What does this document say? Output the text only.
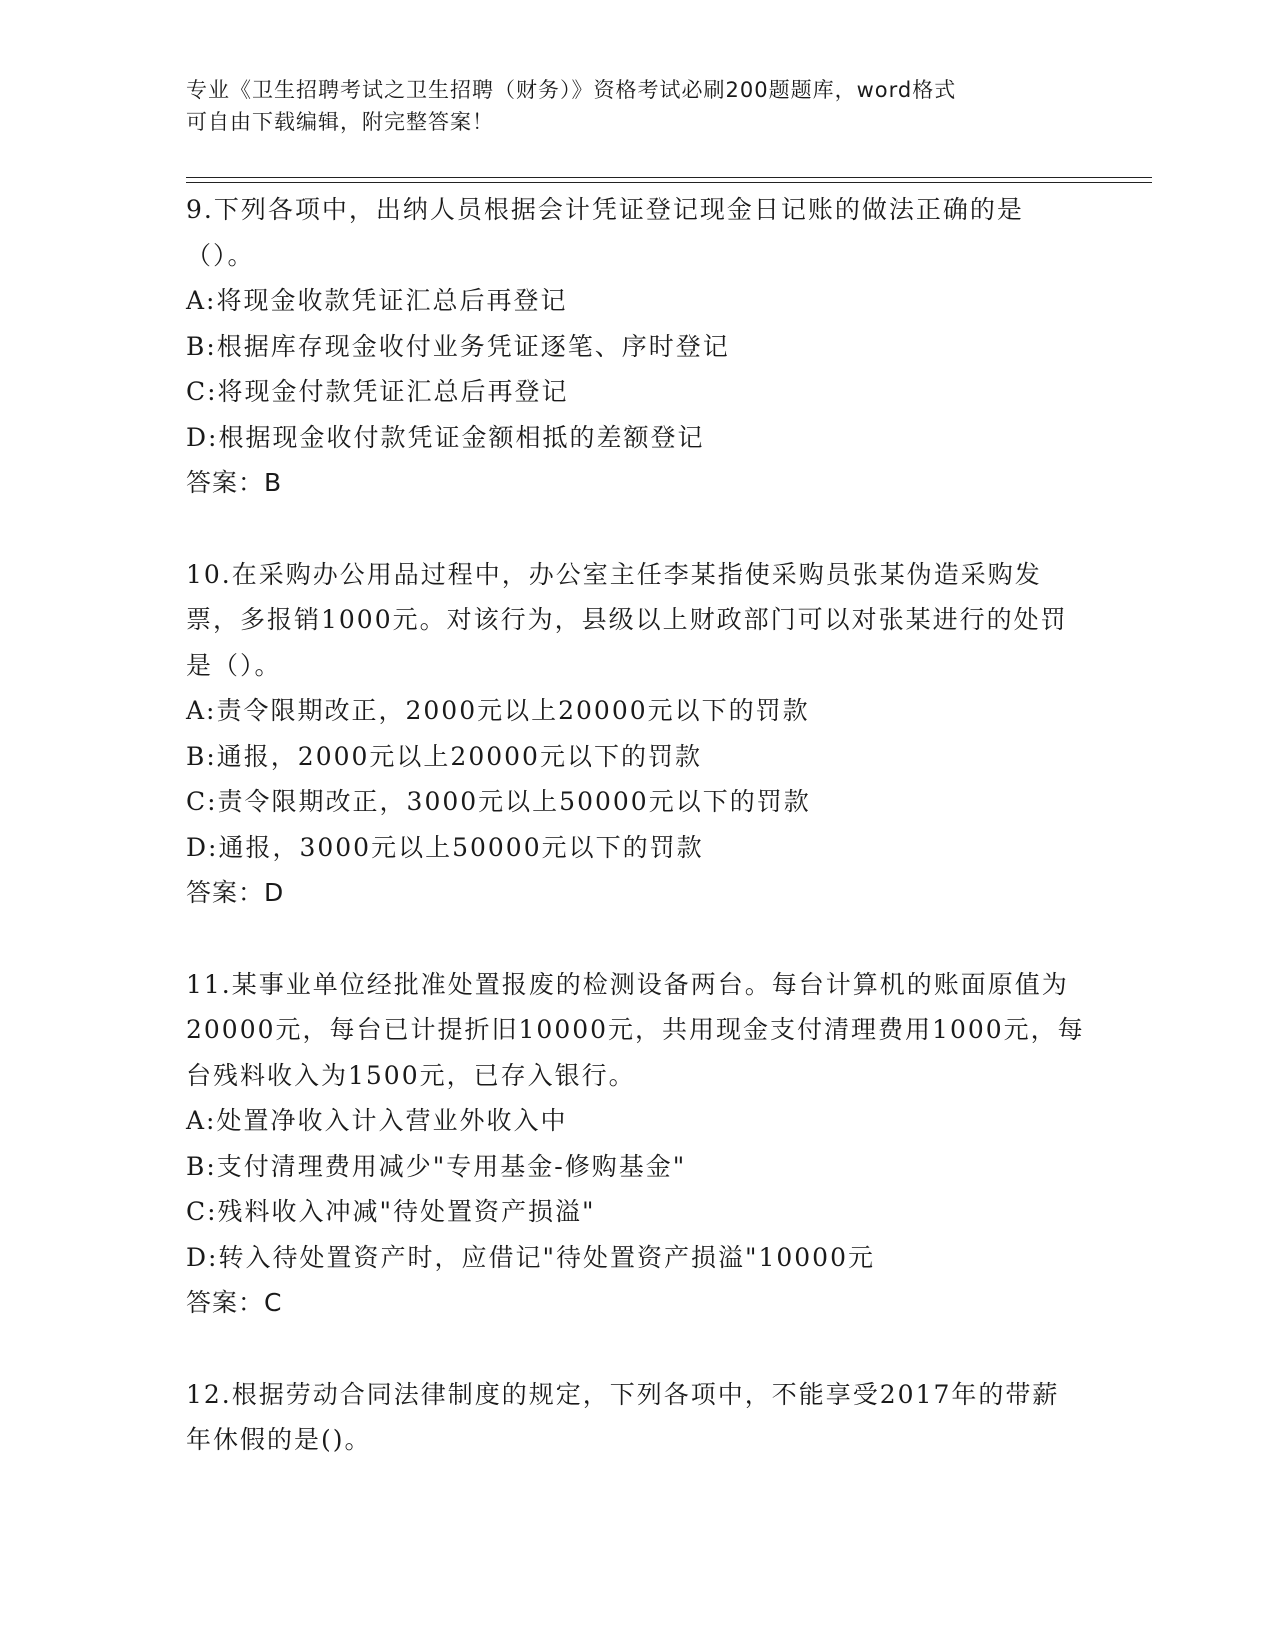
专业《卫生招聘考试之卫生招聘（财务）》资格考试必刷200题题库，word格式
可自由下载编辑，附完整答案！
9.下列各项中，出纳人员根据会计凭证登记现金日记账的做法正确的是（）。
A:将现金收款凭证汇总后再登记
B:根据库存现金收付业务凭证逐笔、序时登记
C:将现金付款凭证汇总后再登记
D:根据现金收付款凭证金额相抵的差额登记
答案：B
10.在采购办公用品过程中，办公室主任李某指使采购员张某伪造采购发票，多报销1000元。对该行为，县级以上财政部门可以对张某进行的处罚是（）。
A:责令限期改正，2000元以上20000元以下的罚款
B:通报，2000元以上20000元以下的罚款
C:责令限期改正，3000元以上50000元以下的罚款
D:通报，3000元以上50000元以下的罚款
答案：D
11.某事业单位经批准处置报废的检测设备两台。每台计算机的账面原值为20000元，每台已计提折旧10000元，共用现金支付清理费用1000元，每台残料收入为1500元，已存入银行。
A:处置净收入计入营业外收入中
B:支付清理费用减少"专用基金-修购基金"
C:残料收入冲减"待处置资产损溢"
D:转入待处置资产时，应借记"待处置资产损溢"10000元
答案：C
12.根据劳动合同法律制度的规定，下列各项中，不能享受2017年的带薪年休假的是()。
